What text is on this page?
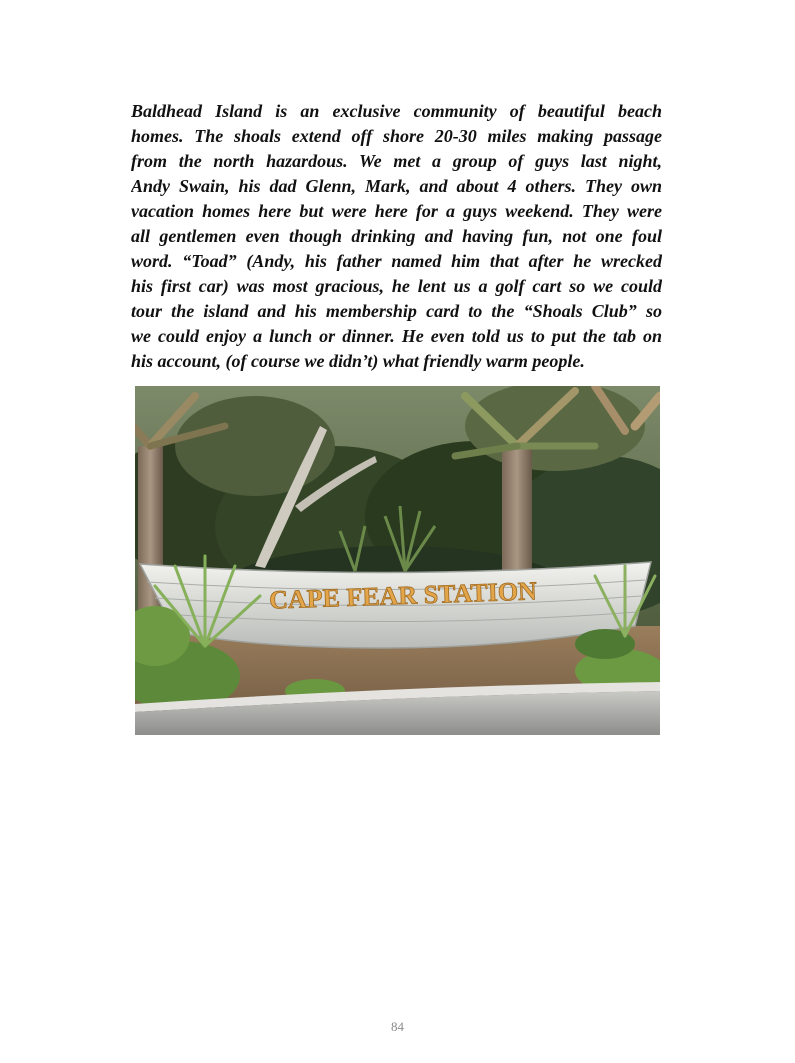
Baldhead Island is an exclusive community of beautiful beach
homes. The shoals extend off shore 20-30 miles making passage
from the north hazardous. We met a group of guys last night,
Andy Swain, his dad Glenn, Mark, and about 4 others. They own
vacation homes here but were here for a guys weekend. They were
all gentlemen even though drinking and having fun, not one foul
word. “Toad” (Andy, his father named him that after he wrecked
his first car) was most gracious, he lent us a golf cart so we could
tour the island and his membership card to the “Shoals Club” so
we could enjoy a lunch or dinner. He even told us to put the tab on
his account, (of course we didn’t) what friendly warm people.
CAPE FEAR STATION

84
